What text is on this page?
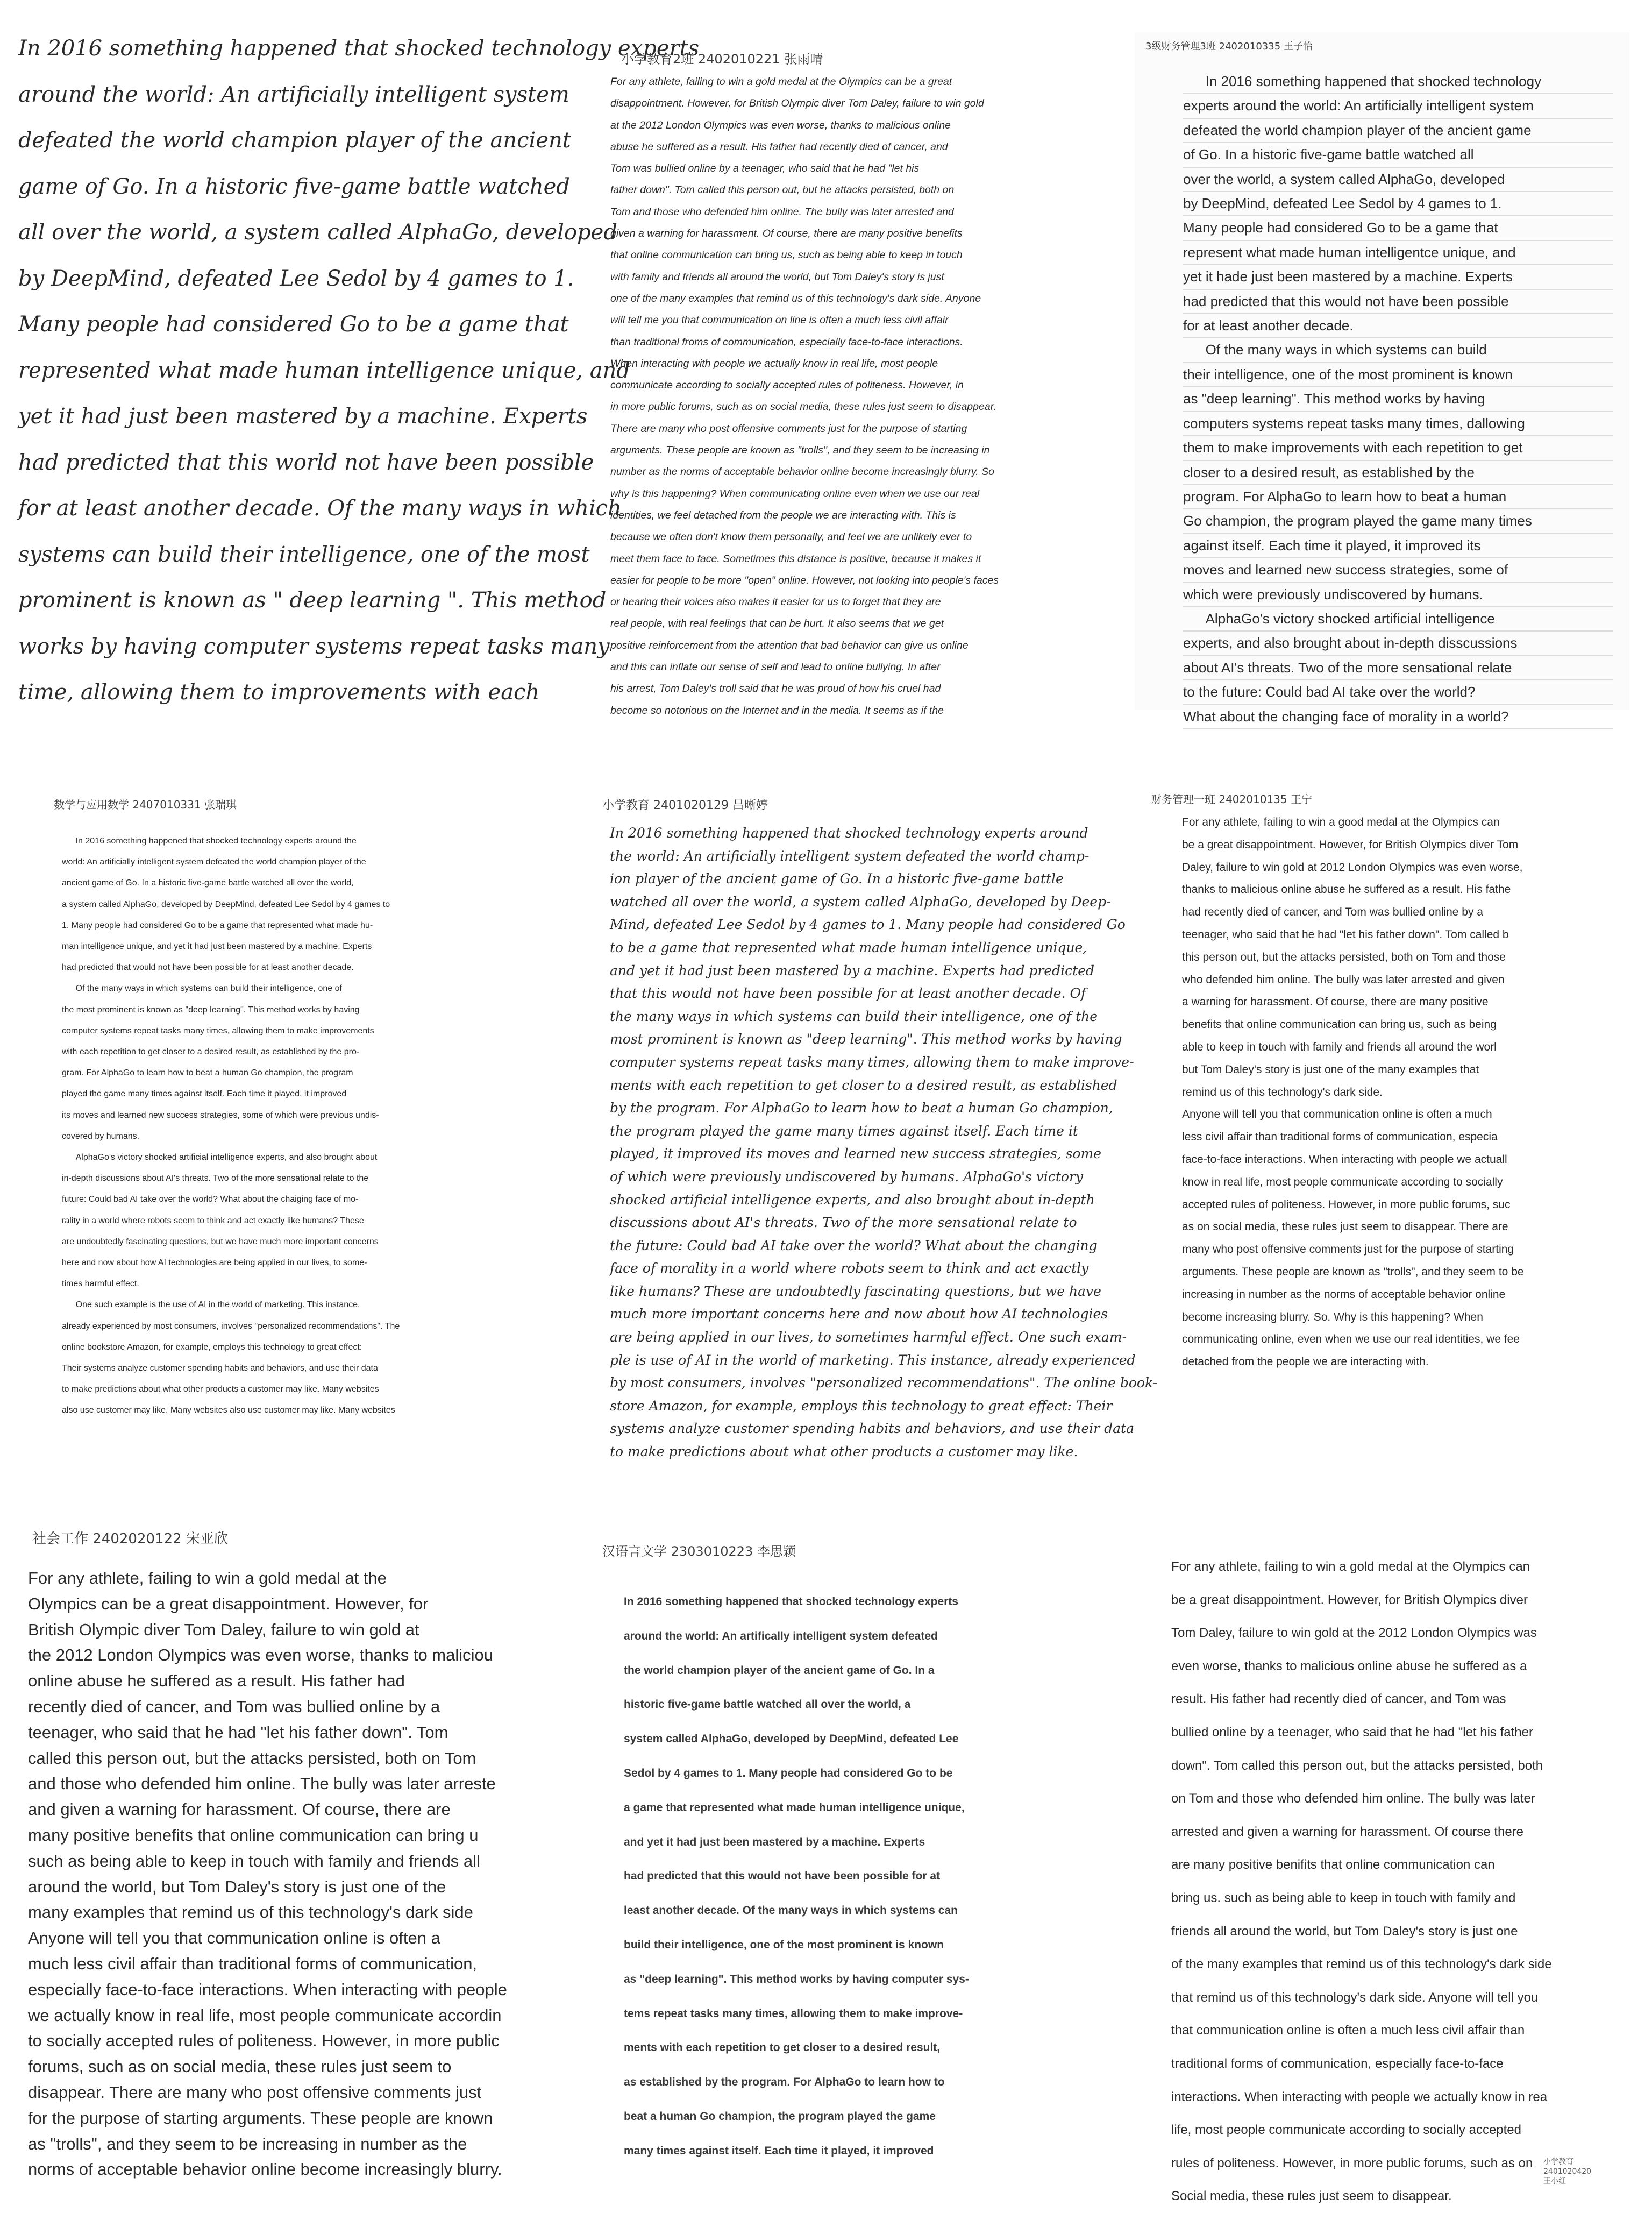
In 2016 something happened that shocked technology experts
around the world: An artificially intelligent system
defeated the world champion player of the ancient
game of Go. In a historic five-game battle watched
all over the world, a system called AlphaGo, developed
by DeepMind, defeated Lee Sedol by 4 games to 1.
Many people had considered Go to be a game that
represented what made human intelligence unique, and
yet it had just been mastered by a machine. Experts
had predicted that this world not have been possible
for at least another decade. Of the many ways in which
systems can build their intelligence, one of the most
prominent is known as " deep learning ". This method
works by having computer systems repeat tasks many
time, allowing them to improvements with each
小学教育2班 2402010221 张雨晴
For any athlete, failing to win a gold medal at the Olympics can be a great
disappointment. However, for British Olympic diver Tom Daley, failure to win gold
at the 2012 London Olympics was even worse, thanks to malicious online
abuse he suffered as a result. His father had recently died of cancer, and
Tom was bullied online by a teenager, who said that he had "let his
father down". Tom called this person out, but he attacks persisted, both on
Tom and those who defended him online. The bully was later arrested and
given a warning for harassment. Of course, there are many positive benefits
that online communication can bring us, such as being able to keep in touch
with family and friends all around the world, but Tom Daley's story is just
one of the many examples that remind us of this technology's dark side. Anyone
will tell me you that communication on line is often a much less civil affair
than traditional froms of communication, especially face-to-face interactions.
When interacting with people we actually know in real life, most people
communicate according to socially accepted rules of politeness. However, in
in more public forums, such as on social media, these rules just seem to disappear.
There are many who post offensive comments just for the purpose of starting
arguments. These people are known as "trolls", and they seem to be increasing in
number as the norms of acceptable behavior online become increasingly blurry. So
why is this happening? When communicating online even when we use our real
identities, we feel detached from the people we are interacting with. This is
because we often don't know them personally, and feel we are unlikely ever to
meet them face to face. Sometimes this distance is positive, because it makes it
easier for people to be more "open" online. However, not looking into people's faces
or hearing their voices also makes it easier for us to forget that they are
real people, with real feelings that can be hurt. It also seems that we get
positive reinforcement from the attention that bad behavior can give us online
and this can inflate our sense of self and lead to online bullying. In after
his arrest, Tom Daley's troll said that he was proud of how his cruel had
become so notorious on the Internet and in the media. It seems as if the
3级财务管理3班 2402010335 王子怡
In 2016 something happened that shocked technology
experts around the world: An artificially intelligent system
defeated the world champion player of the ancient game
of Go. In a historic five-game battle watched all
over the world, a system called AlphaGo, developed
by DeepMind, defeated Lee Sedol by 4 games to 1.
Many people had considered Go to be a game that
represent what made human intelligentce unique, and
yet it hade just been mastered by a machine. Experts
had predicted that this would not have been possible
for at least another decade.
Of the many ways in which systems can build
their intelligence, one of the most prominent is known
as "deep learning". This method works by having
computers systems repeat tasks many times, dallowing
them to make improvements with each repetition to get
closer to a desired result, as established by the
program. For AlphaGo to learn how to beat a human
Go champion, the program played the game many times
against itself. Each time it played, it improved its
moves and learned new success strategies, some of
which were previously undiscovered by humans.
AlphaGo's victory shocked artificial intelligence
experts, and also brought about in-depth disscussions
about AI's threats. Two of the more sensational relate
to the future: Could bad AI take over the world?
What about the changing face of morality in a world?
数学与应用数学 2407010331 张瑞琪
In 2016 something happened that shocked technology experts around the
world: An artificially intelligent system defeated the world champion player of the
ancient game of Go. In a historic five-game battle watched all over the world,
a system called AlphaGo, developed by DeepMind, defeated Lee Sedol by 4 games to
1. Many people had considered Go to be a game that represented what made hu-
man intelligence unique, and yet it had just been mastered by a machine. Experts
had predicted that would not have been possible for at least another decade.
Of the many ways in which systems can build their intelligence, one of
the most prominent is known as "deep learning". This method works by having
computer systems repeat tasks many times, allowing them to make improvements
with each repetition to get closer to a desired result, as established by the pro-
gram. For AlphaGo to learn how to beat a human Go champion, the program
played the game many times against itself. Each time it played, it improved
its moves and learned new success strategies, some of which were previous undis-
covered by humans.
AlphaGo's victory shocked artificial intelligence experts, and also brought about
in-depth discussions about AI's threats. Two of the more sensational relate to the
future: Could bad AI take over the world? What about the chaiging face of mo-
rality in a world where robots seem to think and act exactly like humans? These
are undoubtedly fascinating questions, but we have much more important concerns
here and now about how AI technologies are being applied in our lives, to some-
times harmful effect.
One such example is the use of AI in the world of marketing. This instance,
already experienced by most consumers, involves "personalized recommendations". The
online bookstore Amazon, for example, employs this technology to great effect:
Their systems analyze customer spending habits and behaviors, and use their data
to make predictions about what other products a customer may like. Many websites
also use customer may like. Many websites also use customer may like. Many websites
小学教育 2401020129 吕晰婷
In 2016 something happened that shocked technology experts around
the world: An artificially intelligent system defeated the world champ-
ion player of the ancient game of Go. In a historic five-game battle
watched all over the world, a system called AlphaGo, developed by Deep-
Mind, defeated Lee Sedol by 4 games to 1. Many people had considered Go
to be a game that represented what made human intelligence unique,
and yet it had just been mastered by a machine. Experts had predicted
that this would not have been possible for at least another decade. Of
the many ways in which systems can build their intelligence, one of the
most prominent is known as "deep learning". This method works by having
computer systems repeat tasks many times, allowing them to make improve-
ments with each repetition to get closer to a desired result, as established
by the program. For AlphaGo to learn how to beat a human Go champion,
the program played the game many times against itself. Each time it
played, it improved its moves and learned new success strategies, some
of which were previously undiscovered by humans. AlphaGo's victory
shocked artificial intelligence experts, and also brought about in-depth
discussions about AI's threats. Two of the more sensational relate to
the future: Could bad AI take over the world? What about the changing
face of morality in a world where robots seem to think and act exactly
like humans? These are undoubtedly fascinating questions, but we have
much more important concerns here and now about how AI technologies
are being applied in our lives, to sometimes harmful effect. One such exam-
ple is use of AI in the world of marketing. This instance, already experienced
by most consumers, involves "personalized recommendations". The online book-
store Amazon, for example, employs this technology to great effect: Their
systems analyze customer spending habits and behaviors, and use their data
to make predictions about what other products a customer may like.
财务管理一班 2402010135 王宁
For any athlete, failing to win a good medal at the Olympics can
be a great disappointment. However, for British Olympics diver Tom
Daley, failure to win gold at 2012 London Olympics was even worse,
thanks to malicious online abuse he suffered as a result. His fathe
had recently died of cancer, and Tom was bullied online by a
teenager, who said that he had "let his father down". Tom called b
this person out, but the attacks persisted, both on Tom and those
who defended him online. The bully was later arrested and given
a warning for harassment. Of course, there are many positive
benefits that online communication can bring us, such as being
able to keep in touch with family and friends all around the worl
but Tom Daley's story is just one of the many examples that
remind us of this technology's dark side.
Anyone will tell you that communication online is often a much
less civil affair than traditional forms of communication, especia
face-to-face interactions. When interacting with people we actuall
know in real life, most people communicate according to socially
accepted rules of politeness. However, in more public forums, suc
as on social media, these rules just seem to disappear. There are
many who post offensive comments just for the purpose of starting
arguments. These people are known as "trolls", and they seem to be
increasing in number as the norms of acceptable behavior online
become increasing blurry. So. Why is this happening? When
communicating online, even when we use our real identities, we fee
detached from the people we are interacting with.
社会工作 2402020122 宋亚欣
For any athlete, failing to win a gold medal at the
Olympics can be a great disappointment. However, for
British Olympic diver Tom Daley, failure to win gold at
the 2012 London Olympics was even worse, thanks to maliciou
online abuse he suffered as a result. His father had
recently died of cancer, and Tom was bullied online by a
teenager, who said that he had "let his father down". Tom
called this person out, but the attacks persisted, both on Tom
and those who defended him online. The bully was later arreste
and given a warning for harassment. Of course, there are
many positive benefits that online communication can bring u
such as being able to keep in touch with family and friends all
around the world, but Tom Daley's story is just one of the
many examples that remind us of this technology's dark side
Anyone will tell you that communication online is often a
much less civil affair than traditional forms of communication,
especially face-to-face interactions. When interacting with people
we actually know in real life, most people communicate accordin
to socially accepted rules of politeness. However, in more public
forums, such as on social media, these rules just seem to
disappear. There are many who post offensive comments just
for the purpose of starting arguments. These people are known
as "trolls", and they seem to be increasing in number as the
norms of acceptable behavior online become increasingly blurry.
汉语言文学 2303010223 李思颖
In 2016 something happened that shocked technology experts
around the world: An artifically intelligent system defeated
the world champion player of the ancient game of Go. In a
historic five-game battle watched all over the world, a
system called AlphaGo, developed by DeepMind, defeated Lee
Sedol by 4 games to 1. Many people had considered Go to be
a game that represented what made human intelligence unique,
and yet it had just been mastered by a machine. Experts
had predicted that this would not have been possible for at
least another decade. Of the many ways in which systems can
build their intelligence, one of the most prominent is known
as "deep learning". This method works by having computer sys-
tems repeat tasks many times, allowing them to make improve-
ments with each repetition to get closer to a desired result,
as established by the program. For AlphaGo to learn how to
beat a human Go champion, the program played the game
many times against itself. Each time it played, it improved
For any athlete, failing to win a gold medal at the Olympics can
be a great disappointment. However, for British Olympics diver
Tom Daley, failure to win gold at the 2012 London Olympics was
even worse, thanks to malicious online abuse he suffered as a
result. His father had recently died of cancer, and Tom was
bullied online by a teenager, who said that he had "let his father
down". Tom called this person out, but the attacks persisted, both
on Tom and those who defended him online. The bully was later
arrested and given a warning for harassment. Of course there
are many positive benifits that online communication can
bring us. such as being able to keep in touch with family and
friends all around the world, but Tom Daley's story is just one
of the many examples that remind us of this technology's dark side
that remind us of this technology's dark side. Anyone will tell you
that communication online is often a much less civil affair than
traditional forms of communication, especially face-to-face
interactions. When interacting with people we actually know in rea
life, most people communicate according to socially accepted
rules of politeness. However, in more public forums, such as on
Social media, these rules just seem to disappear.
小学教育
2401020420
王小红
